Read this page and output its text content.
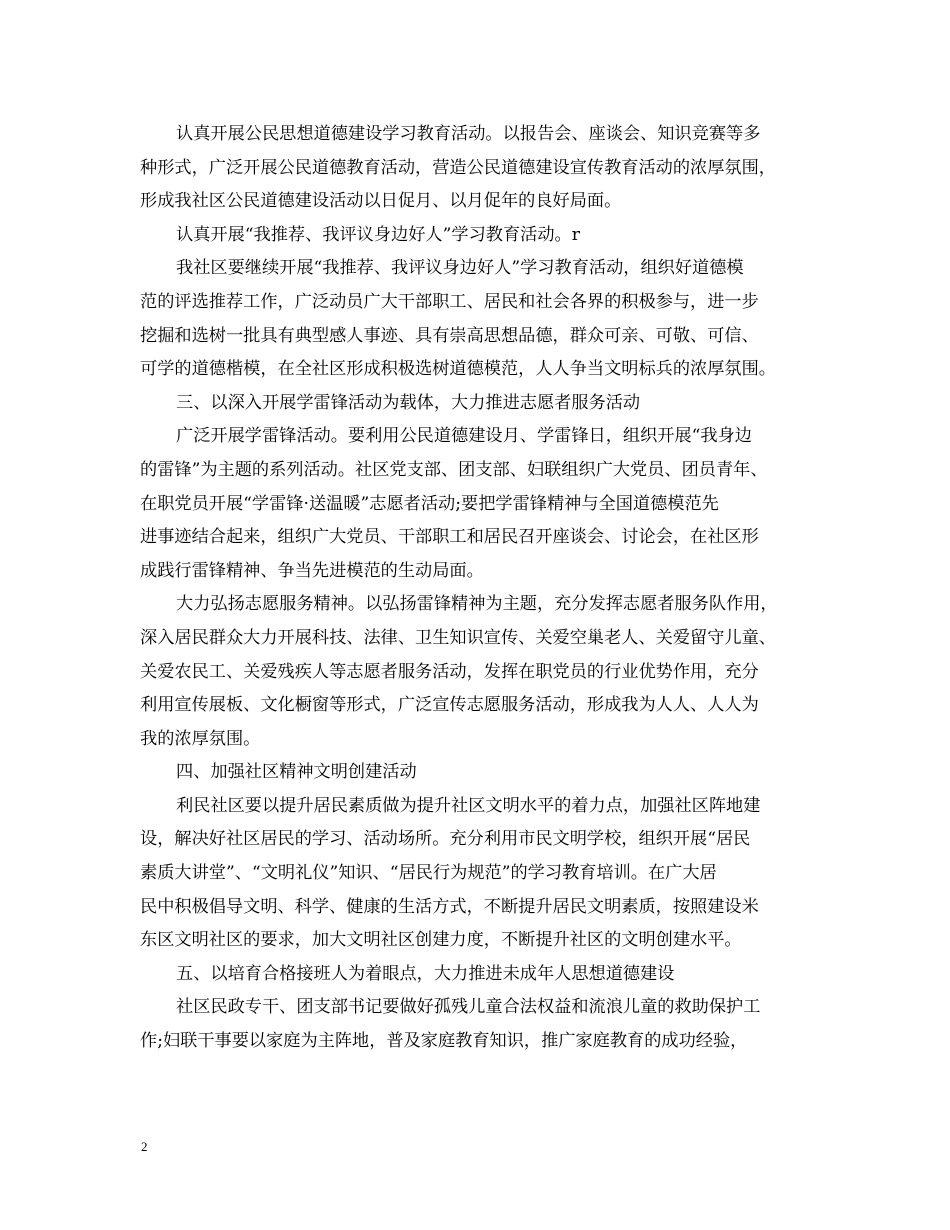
认真开展公民思想道德建设学习教育活动。以报告会、座谈会、知识竞赛等多
种形式，广泛开展公民道德教育活动，营造公民道德建设宣传教育活动的浓厚氛围，
形成我社区公民道德建设活动以日促月、以月促年的良好局面。
认真开展“我推荐、我评议身边好人”学习教育活动。r
我社区要继续开展“我推荐、我评议身边好人”学习教育活动，组织好道德模
范的评选推荐工作，广泛动员广大干部职工、居民和社会各界的积极参与，进一步
挖掘和选树一批具有典型感人事迹、具有崇高思想品德，群众可亲、可敬、可信、
可学的道德楷模，在全社区形成积极选树道德模范，人人争当文明标兵的浓厚氛围。
三、以深入开展学雷锋活动为载体，大力推进志愿者服务活动
广泛开展学雷锋活动。要利用公民道德建设月、学雷锋日，组织开展“我身边
的雷锋”为主题的系列活动。社区党支部、团支部、妇联组织广大党员、团员青年、
在职党员开展“学雷锋·送温暖”志愿者活动;要把学雷锋精神与全国道德模范先
进事迹结合起来，组织广大党员、干部职工和居民召开座谈会、讨论会，在社区形
成践行雷锋精神、争当先进模范的生动局面。
大力弘扬志愿服务精神。以弘扬雷锋精神为主题，充分发挥志愿者服务队作用，
深入居民群众大力开展科技、法律、卫生知识宣传、关爱空巢老人、关爱留守儿童、
关爱农民工、关爱残疾人等志愿者服务活动，发挥在职党员的行业优势作用，充分
利用宣传展板、文化橱窗等形式，广泛宣传志愿服务活动，形成我为人人、人人为
我的浓厚氛围。
四、加强社区精神文明创建活动
利民社区要以提升居民素质做为提升社区文明水平的着力点，加强社区阵地建
设，解决好社区居民的学习、活动场所。充分利用市民文明学校，组织开展“居民
素质大讲堂”、“文明礼仪”知识、“居民行为规范”的学习教育培训。在广大居
民中积极倡导文明、科学、健康的生活方式，不断提升居民文明素质，按照建设米
东区文明社区的要求，加大文明社区创建力度，不断提升社区的文明创建水平。
五、以培育合格接班人为着眼点，大力推进未成年人思想道德建设
社区民政专干、团支部书记要做好孤残儿童合法权益和流浪儿童的救助保护工
作;妇联干事要以家庭为主阵地，普及家庭教育知识，推广家庭教育的成功经验，
2
